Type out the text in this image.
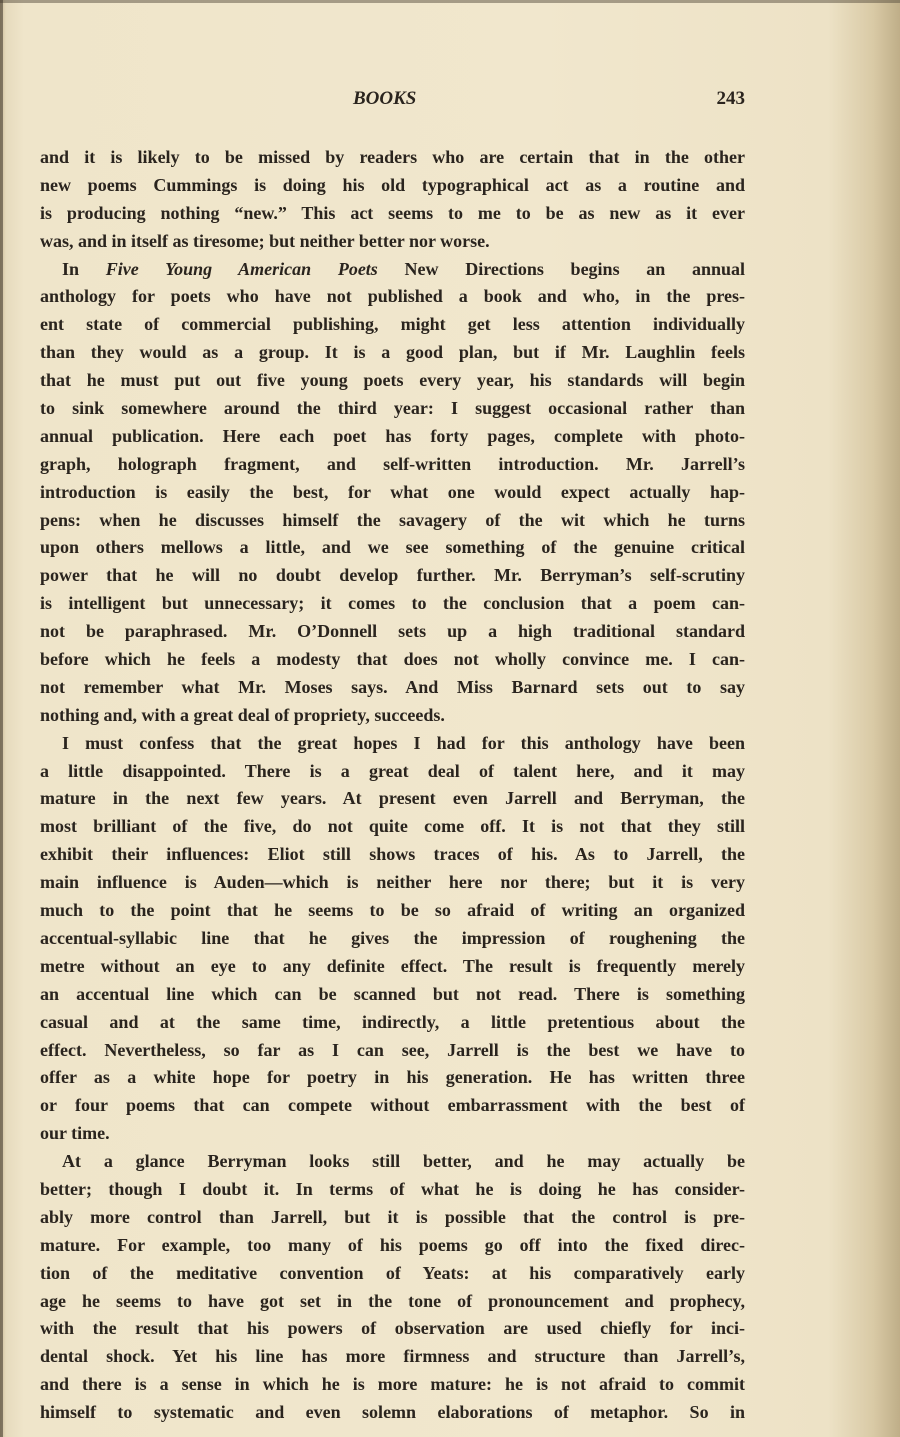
BOOKS	243
and it is likely to be missed by readers who are certain that in the other
new poems Cummings is doing his old typographical act as a routine and
is producing nothing “new.” This act seems to me to be as new as it ever
was, and in itself as tiresome; but neither better nor worse.
In Five Young American Poets New Directions begins an annual
anthology for poets who have not published a book and who, in the pres-
ent state of commercial publishing, might get less attention individually
than they would as a group. It is a good plan, but if Mr. Laughlin feels
that he must put out five young poets every year, his standards will begin
to sink somewhere around the third year: I suggest occasional rather than
annual publication. Here each poet has forty pages, complete with photo-
graph, holograph fragment, and self-written introduction. Mr. Jarrell’s
introduction is easily the best, for what one would expect actually hap-
pens: when he discusses himself the savagery of the wit which he turns
upon others mellows a little, and we see something of the genuine critical
power that he will no doubt develop further. Mr. Berryman’s self-scrutiny
is intelligent but unnecessary; it comes to the conclusion that a poem can-
not be paraphrased. Mr. O’Donnell sets up a high traditional standard
before which he feels a modesty that does not wholly convince me. I can-
not remember what Mr. Moses says. And Miss Barnard sets out to say
nothing and, with a great deal of propriety, succeeds.
I must confess that the great hopes I had for this anthology have been
a little disappointed. There is a great deal of talent here, and it may
mature in the next few years. At present even Jarrell and Berryman, the
most brilliant of the five, do not quite come off. It is not that they still
exhibit their influences: Eliot still shows traces of his. As to Jarrell, the
main influence is Auden—which is neither here nor there; but it is very
much to the point that he seems to be so afraid of writing an organized
accentual-syllabic line that he gives the impression of roughening the
metre without an eye to any definite effect. The result is frequently merely
an accentual line which can be scanned but not read. There is something
casual and at the same time, indirectly, a little pretentious about the
effect. Nevertheless, so far as I can see, Jarrell is the best we have to
offer as a white hope for poetry in his generation. He has written three
or four poems that can compete without embarrassment with the best of
our time.
At a glance Berryman looks still better, and he may actually be
better; though I doubt it. In terms of what he is doing he has consider-
ably more control than Jarrell, but it is possible that the control is pre-
mature. For example, too many of his poems go off into the fixed direc-
tion of the meditative convention of Yeats: at his comparatively early
age he seems to have got set in the tone of pronouncement and prophecy,
with the result that his powers of observation are used chiefly for inci-
dental shock. Yet his line has more firmness and structure than Jarrell’s,
and there is a sense in which he is more mature: he is not afraid to commit
himself to systematic and even solemn elaborations of metaphor. So in
